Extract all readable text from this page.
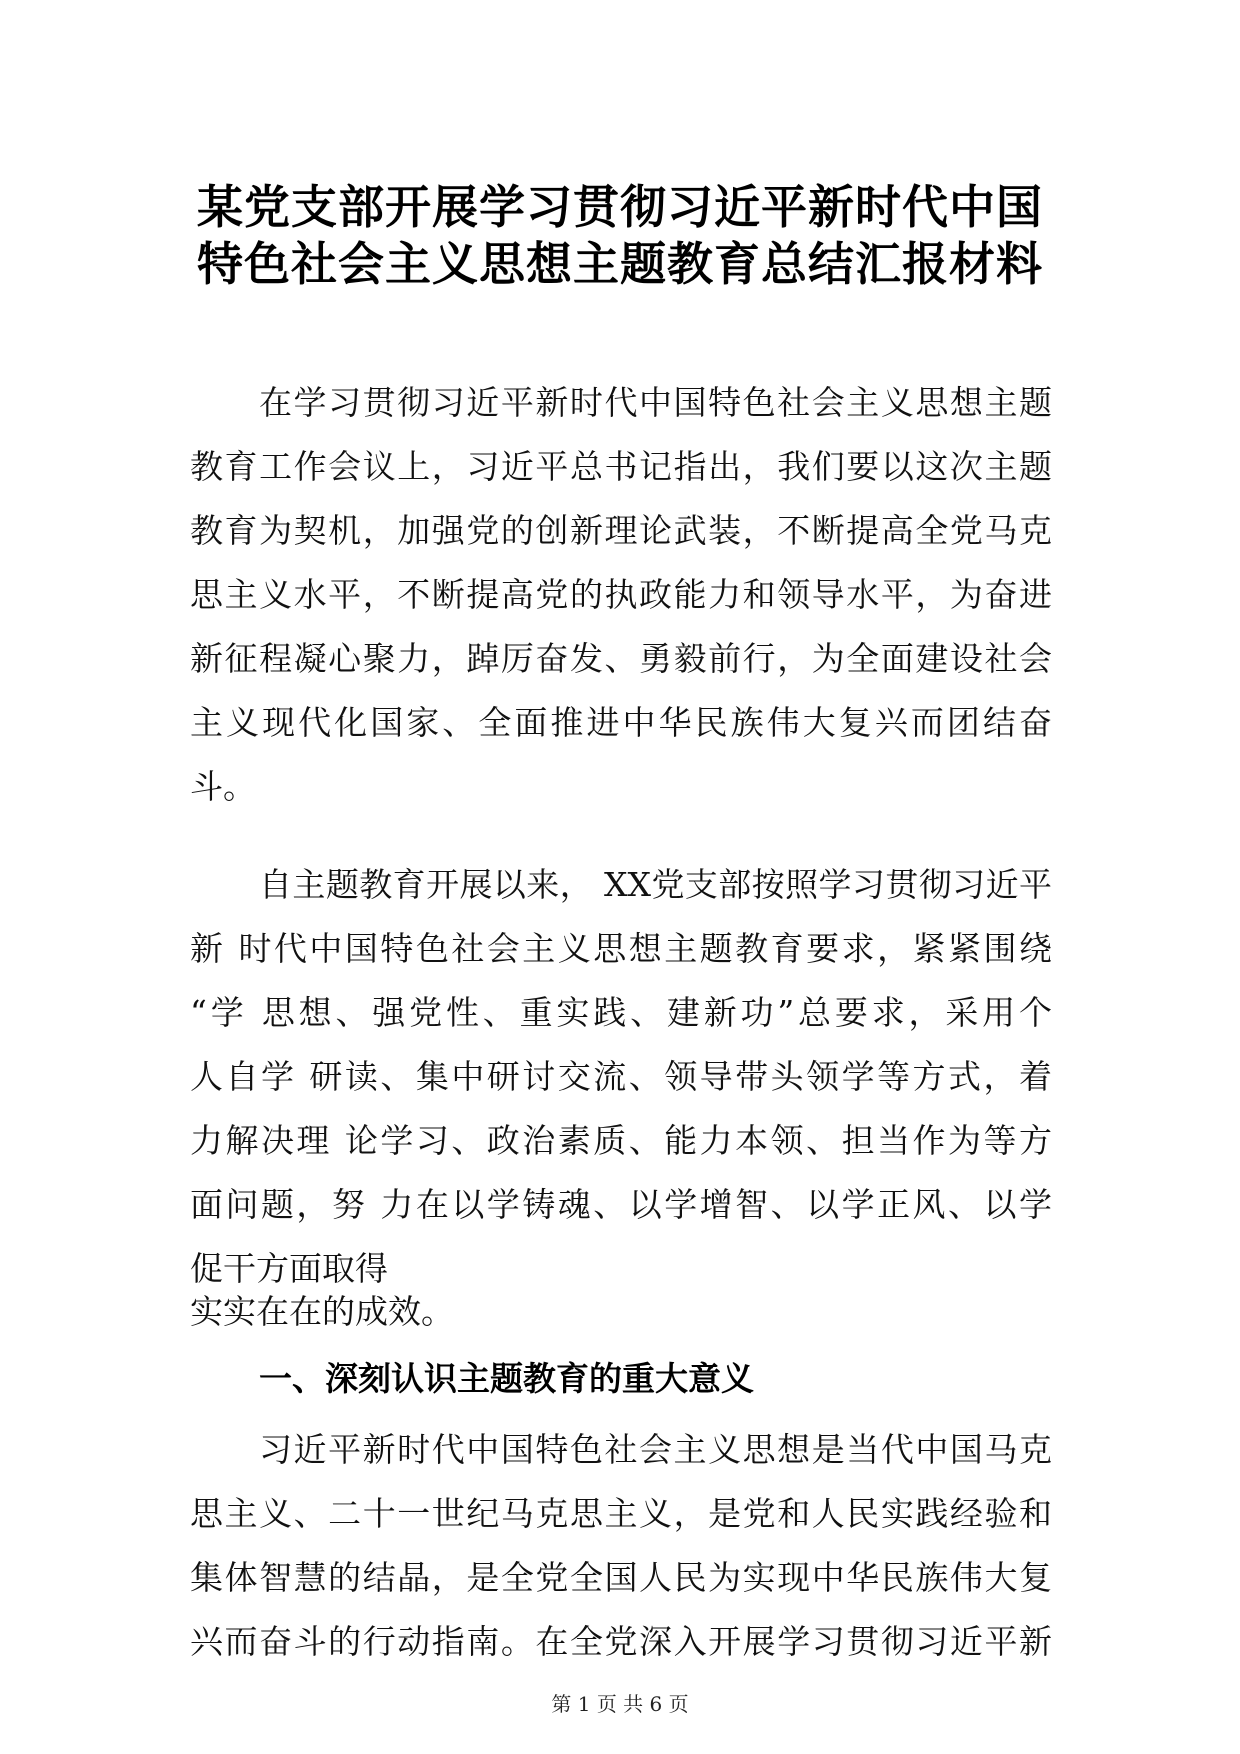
某党支部开展学习贯彻习近平新时代中国
特色社会主义思想主题教育总结汇报材料
在学习贯彻习近平新时代中国特色社会主义思想主题
教育工作会议上，习近平总书记指出，我们要以这次主题
教育为契机，加强党的创新理论武装，不断提高全党马克
思主义水平，不断提高党的执政能力和领导水平，为奋进
新征程凝心聚力，踔厉奋发、勇毅前行，为全面建设社会
主义现代化国家、全面推进中华民族伟大复兴而团结奋
斗。
自主题教育开展以来， XX党支部按照学习贯彻习近平
新 时代中国特色社会主义思想主题教育要求，紧紧围绕
“学 思想、强党性、重实践、建新功”总要求，采用个
人自学 研读、集中研讨交流、领导带头领学等方式，着
力解决理 论学习、政治素质、能力本领、担当作为等方
面问题，努 力在以学铸魂、以学增智、以学正风、以学
促干方面取得
实实在在的成效。
一、深刻认识主题教育的重大意义
习近平新时代中国特色社会主义思想是当代中国马克
思主义、二十一世纪马克思主义，是党和人民实践经验和
集体智慧的结晶，是全党全国人民为实现中华民族伟大复
兴而奋斗的行动指南。在全党深入开展学习贯彻习近平新
第 1 页 共 6 页
